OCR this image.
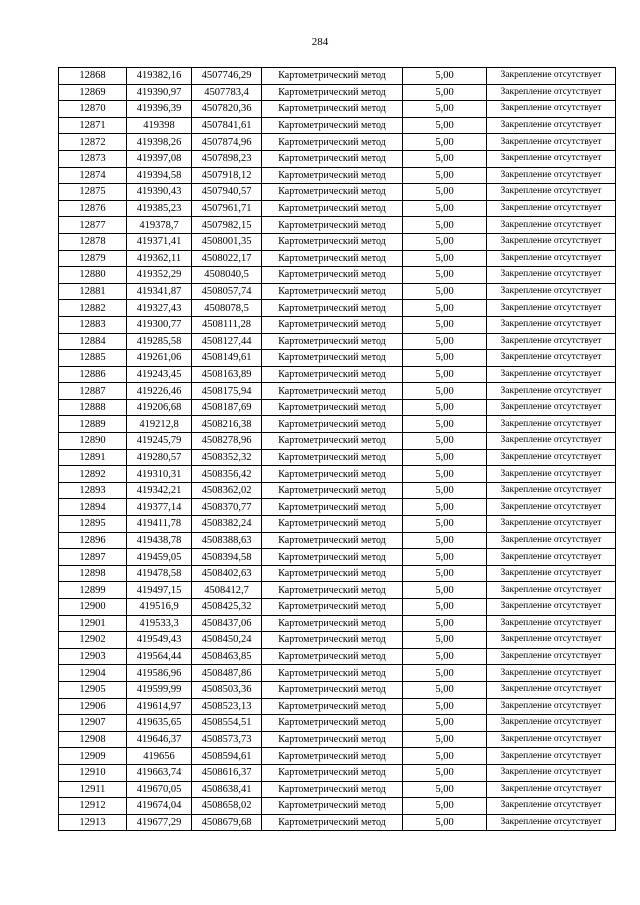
284
12868	419382,16	4507746,29	Картометрический метод	5,00	Закрепление отсутствует
12869	419390,97	4507783,4	Картометрический метод	5,00	Закрепление отсутствует
12870	419396,39	4507820,36	Картометрический метод	5,00	Закрепление отсутствует
12871	419398	4507841,61	Картометрический метод	5,00	Закрепление отсутствует
12872	419398,26	4507874,96	Картометрический метод	5,00	Закрепление отсутствует
12873	419397,08	4507898,23	Картометрический метод	5,00	Закрепление отсутствует
12874	419394,58	4507918,12	Картометрический метод	5,00	Закрепление отсутствует
12875	419390,43	4507940,57	Картометрический метод	5,00	Закрепление отсутствует
12876	419385,23	4507961,71	Картометрический метод	5,00	Закрепление отсутствует
12877	419378,7	4507982,15	Картометрический метод	5,00	Закрепление отсутствует
12878	419371,41	4508001,35	Картометрический метод	5,00	Закрепление отсутствует
12879	419362,11	4508022,17	Картометрический метод	5,00	Закрепление отсутствует
12880	419352,29	4508040,5	Картометрический метод	5,00	Закрепление отсутствует
12881	419341,87	4508057,74	Картометрический метод	5,00	Закрепление отсутствует
12882	419327,43	4508078,5	Картометрический метод	5,00	Закрепление отсутствует
12883	419300,77	4508111,28	Картометрический метод	5,00	Закрепление отсутствует
12884	419285,58	4508127,44	Картометрический метод	5,00	Закрепление отсутствует
12885	419261,06	4508149,61	Картометрический метод	5,00	Закрепление отсутствует
12886	419243,45	4508163,89	Картометрический метод	5,00	Закрепление отсутствует
12887	419226,46	4508175,94	Картометрический метод	5,00	Закрепление отсутствует
12888	419206,68	4508187,69	Картометрический метод	5,00	Закрепление отсутствует
12889	419212,8	4508216,38	Картометрический метод	5,00	Закрепление отсутствует
12890	419245,79	4508278,96	Картометрический метод	5,00	Закрепление отсутствует
12891	419280,57	4508352,32	Картометрический метод	5,00	Закрепление отсутствует
12892	419310,31	4508356,42	Картометрический метод	5,00	Закрепление отсутствует
12893	419342,21	4508362,02	Картометрический метод	5,00	Закрепление отсутствует
12894	419377,14	4508370,77	Картометрический метод	5,00	Закрепление отсутствует
12895	419411,78	4508382,24	Картометрический метод	5,00	Закрепление отсутствует
12896	419438,78	4508388,63	Картометрический метод	5,00	Закрепление отсутствует
12897	419459,05	4508394,58	Картометрический метод	5,00	Закрепление отсутствует
12898	419478,58	4508402,63	Картометрический метод	5,00	Закрепление отсутствует
12899	419497,15	4508412,7	Картометрический метод	5,00	Закрепление отсутствует
12900	419516,9	4508425,32	Картометрический метод	5,00	Закрепление отсутствует
12901	419533,3	4508437,06	Картометрический метод	5,00	Закрепление отсутствует
12902	419549,43	4508450,24	Картометрический метод	5,00	Закрепление отсутствует
12903	419564,44	4508463,85	Картометрический метод	5,00	Закрепление отсутствует
12904	419586,96	4508487,86	Картометрический метод	5,00	Закрепление отсутствует
12905	419599,99	4508503,36	Картометрический метод	5,00	Закрепление отсутствует
12906	419614,97	4508523,13	Картометрический метод	5,00	Закрепление отсутствует
12907	419635,65	4508554,51	Картометрический метод	5,00	Закрепление отсутствует
12908	419646,37	4508573,73	Картометрический метод	5,00	Закрепление отсутствует
12909	419656	4508594,61	Картометрический метод	5,00	Закрепление отсутствует
12910	419663,74	4508616,37	Картометрический метод	5,00	Закрепление отсутствует
12911	419670,05	4508638,41	Картометрический метод	5,00	Закрепление отсутствует
12912	419674,04	4508658,02	Картометрический метод	5,00	Закрепление отсутствует
12913	419677,29	4508679,68	Картометрический метод	5,00	Закрепление отсутствует
